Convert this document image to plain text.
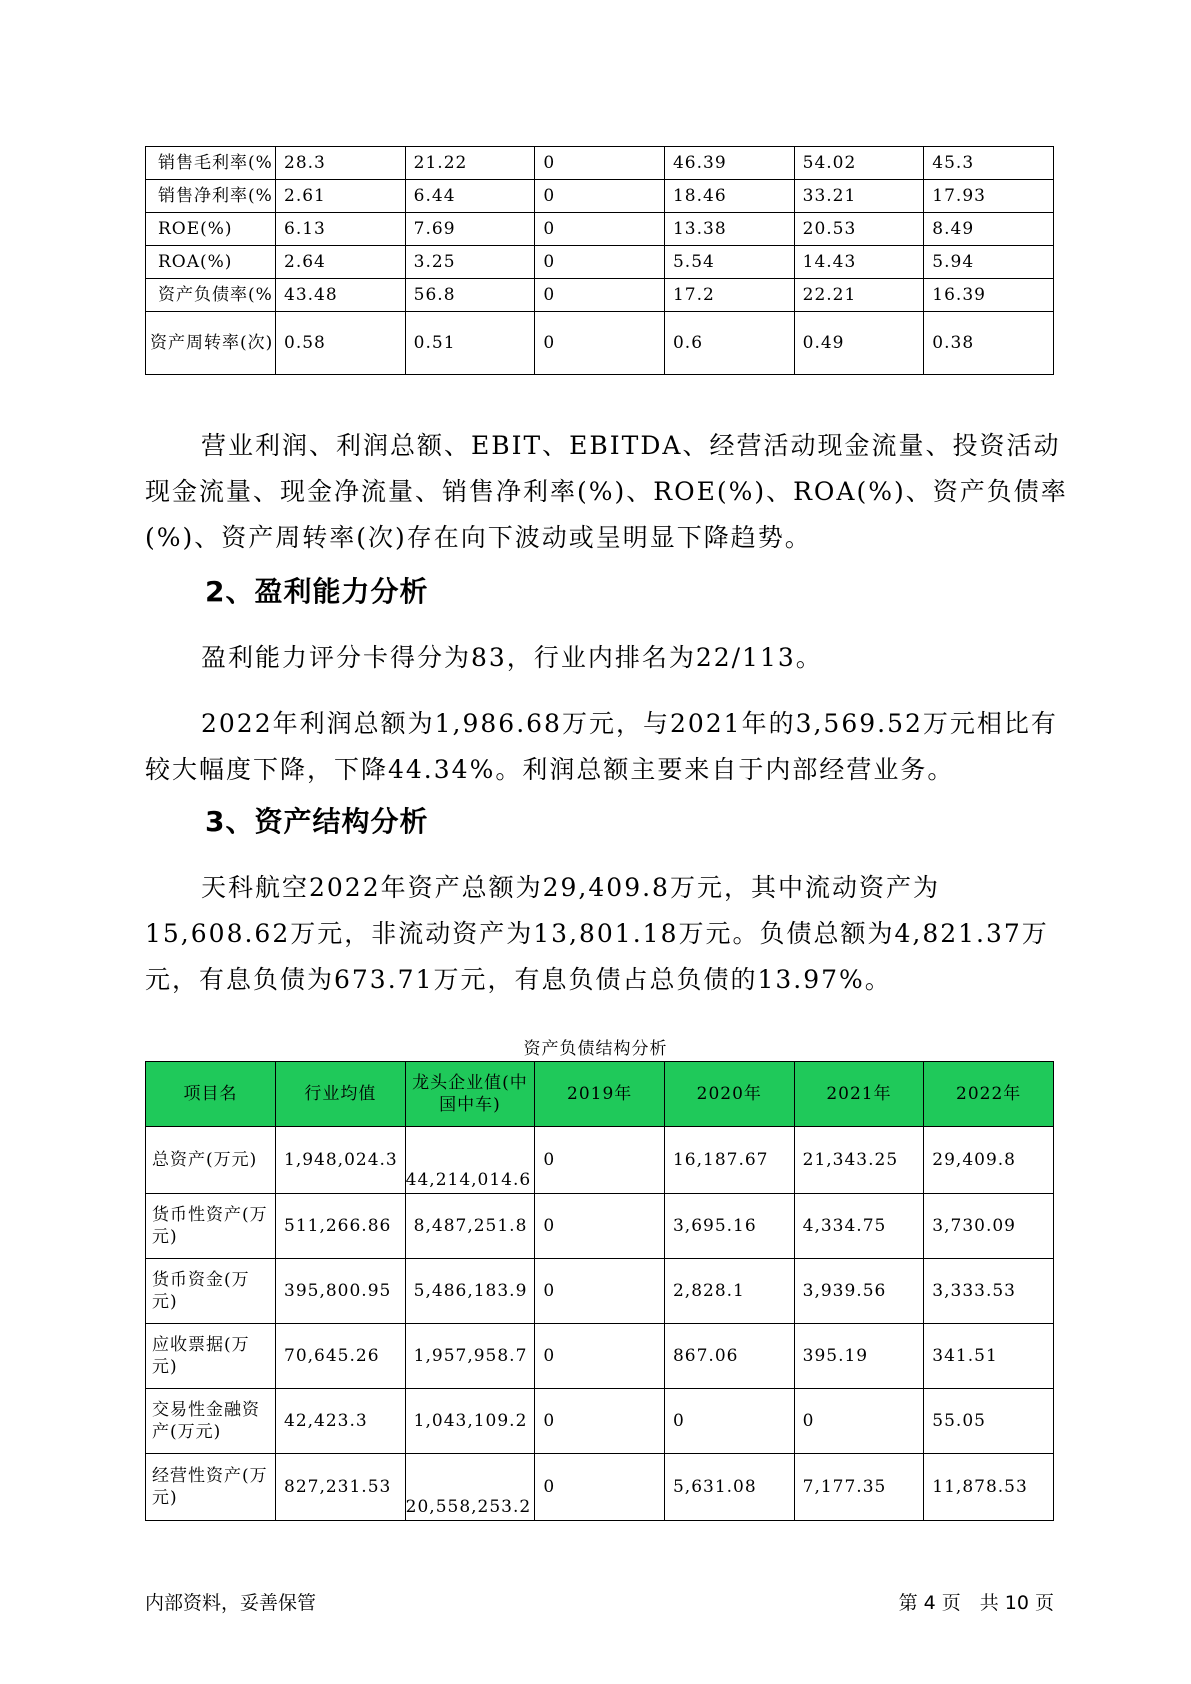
销售毛利率(%	28.3	21.22	0	46.39	54.02	45.3
销售净利率(%	2.61	6.44	0	18.46	33.21	17.93
ROE(%)	6.13	7.69	0	13.38	20.53	8.49
ROA(%)	2.64	3.25	0	5.54	14.43	5.94
资产负债率(%	43.48	56.8	0	17.2	22.21	16.39
资产周转率(次)	0.58	0.51	0	0.6	0.49	0.38

营业利润、利润总额、EBIT、EBITDA、经营活动现金流量、投资活动现金流量、现金净流量、销售净利率(%)、ROE(%)、ROA(%)、资产负债率(%)、资产周转率(次)存在向下波动或呈明显下降趋势。

2、盈利能力分析

盈利能力评分卡得分为83，行业内排名为22/113。

2022年利润总额为1,986.68万元，与2021年的3,569.52万元相比有较大幅度下降，下降44.34%。利润总额主要来自于内部经营业务。

3、资产结构分析

天科航空2022年资产总额为29,409.8万元，其中流动资产为15,608.62万元，非流动资产为13,801.18万元。负债总额为4,821.37万元，有息负债为673.71万元，有息负债占总负债的13.97%。

资产负债结构分析
项目名	行业均值	龙头企业值(中国中车)	2019年	2020年	2021年	2022年
总资产(万元)	1,948,024.3	44,214,014.6	0	16,187.67	21,343.25	29,409.8
货币性资产(万元)	511,266.86	8,487,251.8	0	3,695.16	4,334.75	3,730.09
货币资金(万元)	395,800.95	5,486,183.9	0	2,828.1	3,939.56	3,333.53
应收票据(万元)	70,645.26	1,957,958.7	0	867.06	395.19	341.51
交易性金融资产(万元)	42,423.3	1,043,109.2	0	0	0	55.05
经营性资产(万元)	827,231.53	20,558,253.2	0	5,631.08	7,177.35	11,878.53
内部资料，妥善保管	第 4 页　共 10 页
